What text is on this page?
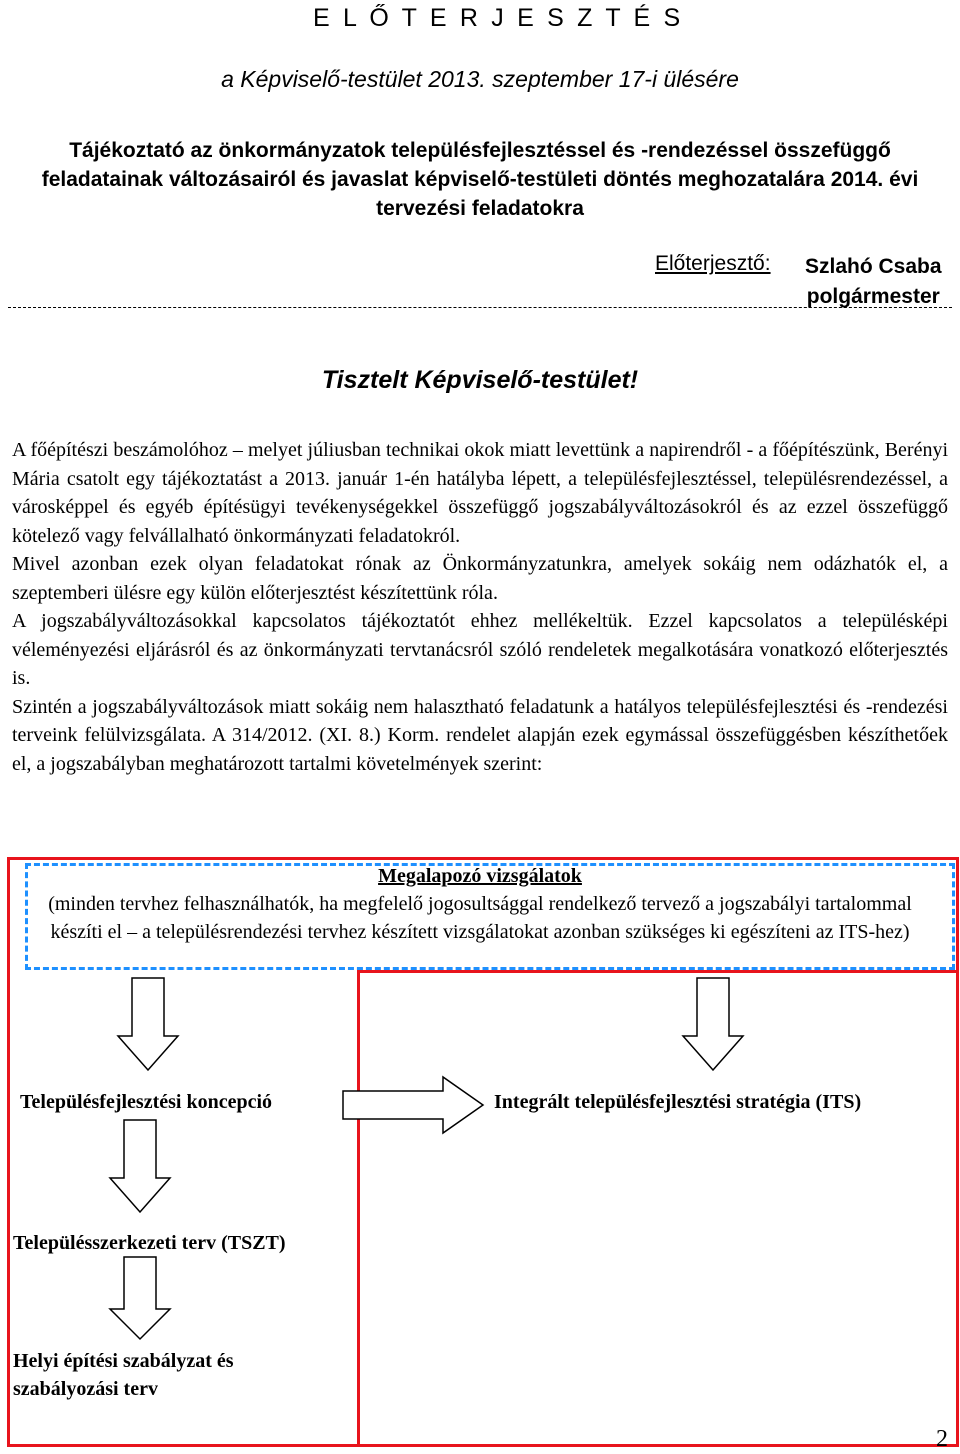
E L Ő T E R J E S Z T É S
a Képviselő-testület 2013. szeptember 17-i ülésére
Tájékoztató az önkormányzatok településfejlesztéssel és -rendezéssel összefüggő feladatainak változásairól és javaslat képviselő-testületi döntés meghozatalára 2014. évi tervezési feladatokra
Előterjesztő: Szlahó Csaba
polgármester
Tisztelt Képviselő-testület!

A főépítészi beszámolóhoz – melyet júliusban technikai okok miatt levettünk a napirendről - a főépítészünk, Berényi Mária csatolt egy tájékoztatást a 2013. január 1-én hatályba lépett, a településfejlesztéssel, településrendezéssel, a városképpel és egyéb építésügyi tevékenységekkel összefüggő jogszabályváltozásokról és az ezzel összefüggő kötelező vagy felvállalható önkormányzati feladatokról.

Mivel azonban ezek olyan feladatokat rónak az Önkormányzatunkra, amelyek sokáig nem odázhatók el, a szeptemberi ülésre egy külön előterjesztést készítettünk róla.

A jogszabályváltozásokkal kapcsolatos tájékoztatót ehhez mellékeltük. Ezzel kapcsolatos a településképi véleményezési eljárásról és az önkormányzati tervtanácsról szóló rendeletek megalkotására vonatkozó előterjesztés is.

Szintén a jogszabályváltozások miatt sokáig nem halasztható feladatunk a hatályos településfejlesztési és -rendezési terveink felülvizsgálata. A 314/2012. (XI. 8.) Korm. rendelet alapján ezek egymással összefüggésben készíthetőek el, a jogszabályban meghatározott tartalmi követelmények szerint:

Megalapozó vizsgálatok
(minden tervhez felhasználhatók, ha megfelelő jogosultsággal rendelkező tervező a jogszabályi tartalommal készíti el – a településrendezési tervhez készített vizsgálatokat azonban szükséges ki egészíteni az ITS-hez)
Településfejlesztési koncepció	Integrált településfejlesztési stratégia (ITS)
Településszerkezeti terv (TSZT)
Helyi építési szabályzat és
szabályozási terv
2
